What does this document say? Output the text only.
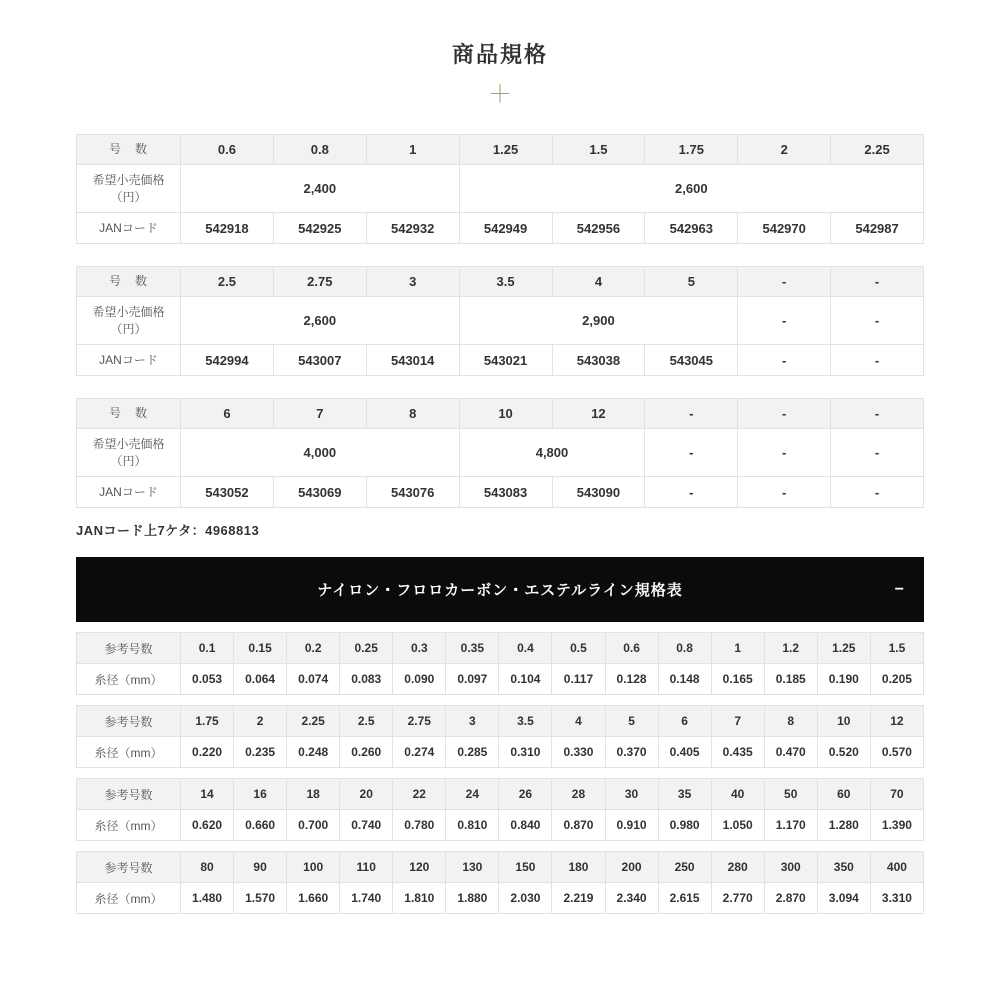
商品規格
＋
号　数	0.6	0.8	1	1.25	1.5	1.75	2	2.25
希望小売価格（円）	2,400			2,600				
JANコード	542918	542925	542932	542949	542956	542963	542970	542987
号　数	2.5	2.75	3	3.5	4	5	-	-
希望小売価格（円）	2,600			2,900			-	-
JANコード	542994	543007	543014	543021	543038	543045	-	-
号　数	6	7	8	10	12	-	-	-
希望小売価格（円）	4,000			4,800		-	-	-
JANコード	543052	543069	543076	543083	543090	-	-	-
JANコード上7ケタ：4968813
ナイロン・フロロカーボン・エステルライン規格表	−
参考号数	0.1	0.15	0.2	0.25	0.3	0.35	0.4	0.5	0.6	0.8	1	1.2	1.25	1.5
糸径（mm）	0.053	0.064	0.074	0.083	0.090	0.097	0.104	0.117	0.128	0.148	0.165	0.185	0.190	0.205
参考号数	1.75	2	2.25	2.5	2.75	3	3.5	4	5	6	7	8	10	12
糸径（mm）	0.220	0.235	0.248	0.260	0.274	0.285	0.310	0.330	0.370	0.405	0.435	0.470	0.520	0.570
参考号数	14	16	18	20	22	24	26	28	30	35	40	50	60	70
糸径（mm）	0.620	0.660	0.700	0.740	0.780	0.810	0.840	0.870	0.910	0.980	1.050	1.170	1.280	1.390
参考号数	80	90	100	110	120	130	150	180	200	250	280	300	350	400
糸径（mm）	1.480	1.570	1.660	1.740	1.810	1.880	2.030	2.219	2.340	2.615	2.770	2.870	3.094	3.310
